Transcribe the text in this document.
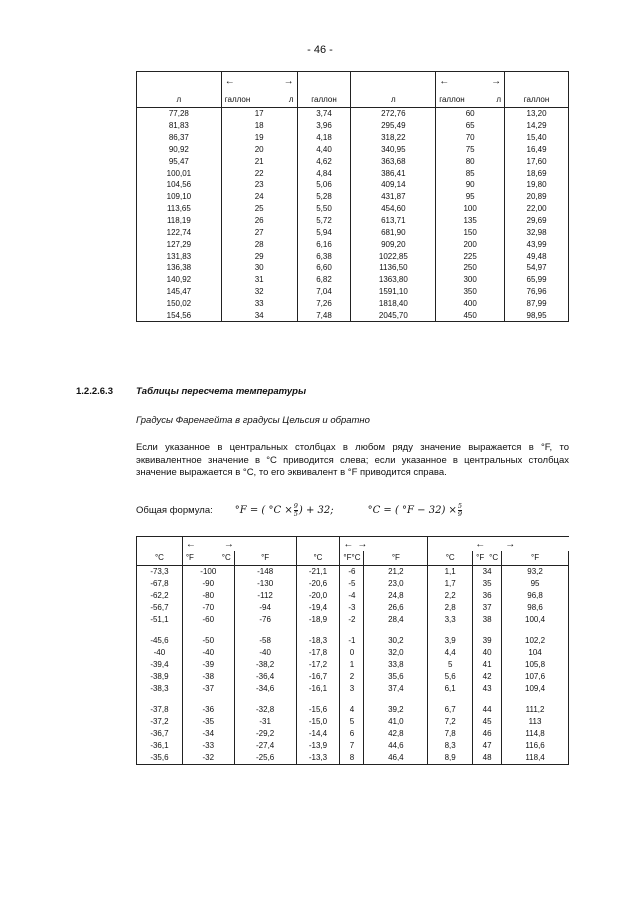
- 46 -

	← →			← →	

л	галлон л	галлон	л	галлон л	галлон
77,28	17	3,74	272,76	60	13,20
81,83	18	3,96	295,49	65	14,29
86,37	19	4,18	318,22	70	15,40
90,92	20	4,40	340,95	75	16,49
95,47	21	4,62	363,68	80	17,60
100,01	22	4,84	386,41	85	18,69
104,56	23	5,06	409,14	90	19,80
109,10	24	5,28	431,87	95	20,89
113,65	25	5,50	454,60	100	22,00
118,19	26	5,72	613,71	135	29,69
122,74	27	5,94	681,90	150	32,98
127,29	28	6,16	909,20	200	43,99
131,83	29	6,38	1022,85	225	49,48
136,38	30	6,60	1136,50	250	54,97
140,92	31	6,82	1363,80	300	65,99
145,47	32	7,04	1591,10	350	76,96
150,02	33	7,26	1818,40	400	87,99
154,56	34	7,48	2045,70	450	98,95
1.2.2.6.3 Таблицы пересчета температуры
Градусы Фаренгейта в градусы Цельсия и обратно
Если указанное в центральных столбцах в любом ряду значение выражается в °F, то эквивалентное значение в °C приводится слева; если указанное в центральных столбцах значение выражается в °C, то его эквивалент в °F приводится справа.
Общая формула: °F = ( $^\circ C \times \frac{9}{5}$ ) + 32;	°C = ( $^\circ F - 32) \times \frac{5}{9}$

	← →			← →		← →		

°C	°F °C	°F	°C	°F °C	°F	°C	°F °C	°F
-73,3	-100	-148	-21,1	-6	21,2	1,1	34	93,2
-67,8	-90	-130	-20,6	-5	23,0	1,7	35	95
-62,2	-80	-112	-20,0	-4	24,8	2,2	36	96,8
-56,7	-70	-94	-19,4	-3	26,6	2,8	37	98,6
-51,1	-60	-76	-18,9	-2	28,4	3,3	38	100,4

-45,6	-50	-58	-18,3	-1	30,2	3,9	39	102,2
-40	-40	-40	-17,8	0	32,0	4,4	40	104
-39,4	-39	-38,2	-17,2	1	33,8	5	41	105,8
-38,9	-38	-36,4	-16,7	2	35,6	5,6	42	107,6
-38,3	-37	-34,6	-16,1	3	37,4	6,1	43	109,4

-37,8	-36	-32,8	-15,6	4	39,2	6,7	44	111,2
-37,2	-35	-31	-15,0	5	41,0	7,2	45	113
-36,7	-34	-29,2	-14,4	6	42,8	7,8	46	114,8
-36,1	-33	-27,4	-13,9	7	44,6	8,3	47	116,6
-35,6	-32	-25,6	-13,3	8	46,4	8,9	48	118,4
